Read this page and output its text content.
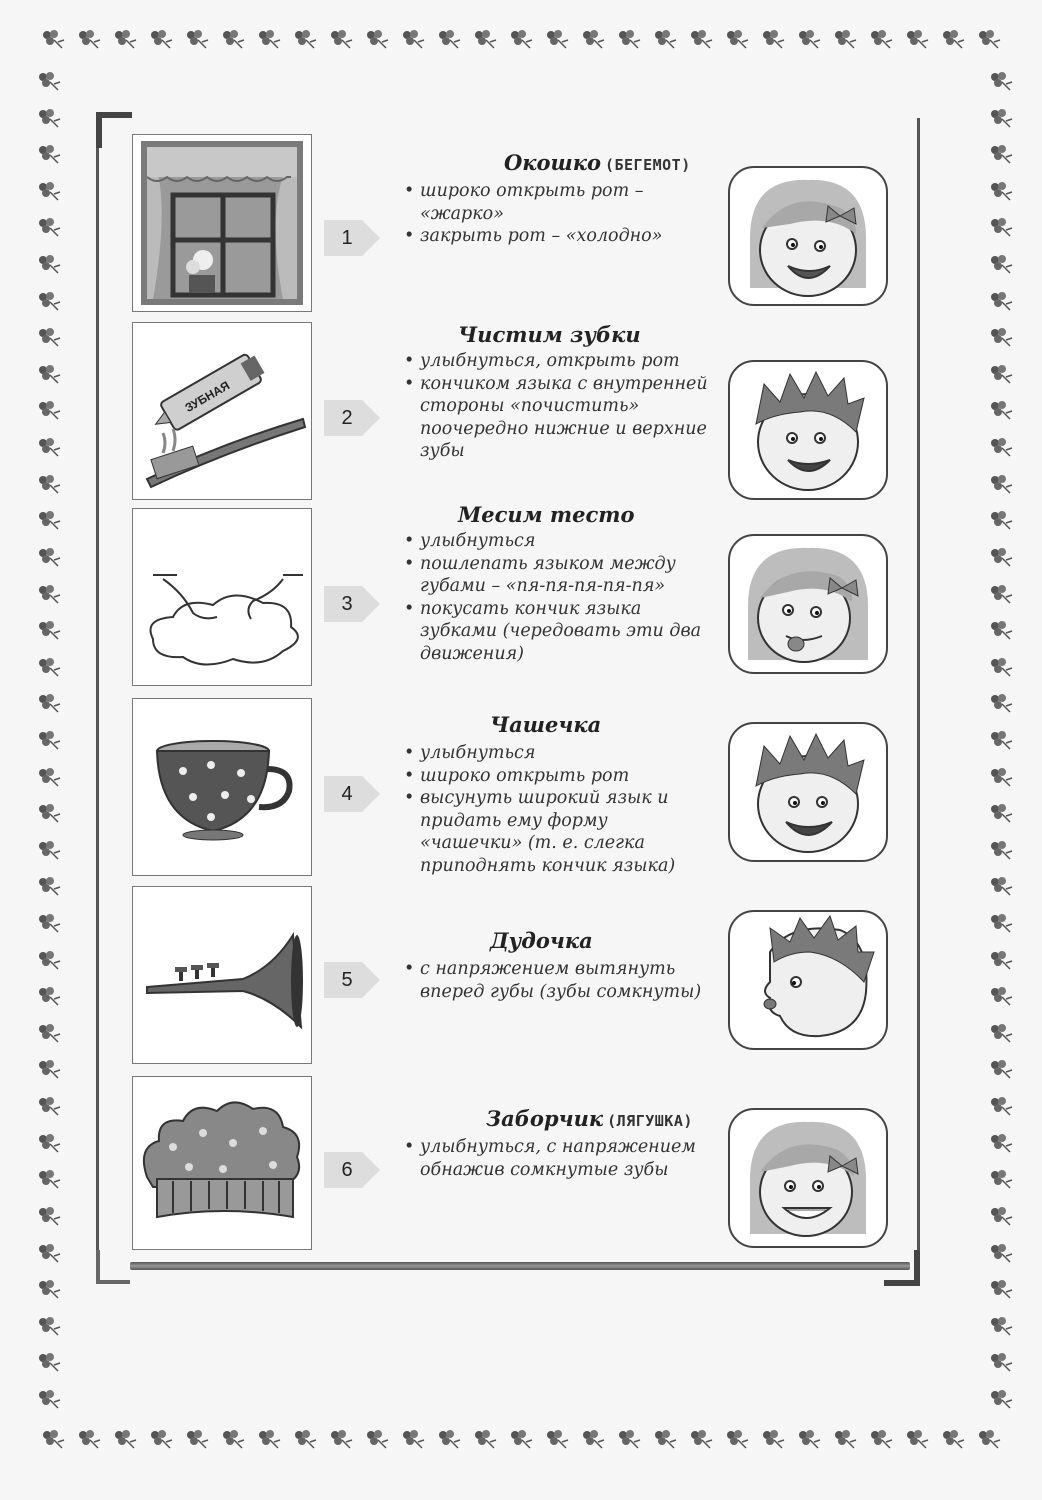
1
Окошко (БЕГЕМОТ)
• широко открыть рот – «жарко»
• закрыть рот – «холодно»
ЗУБНАЯ
2
Чистим зубки
• улыбнуться, открыть рот
• кончиком языка с внутренней стороны «почистить» поочередно нижние и верхние зубы
3
Месим тесто
• улыбнуться
• пошлепать языком между губами – «пя-пя-пя-пя-пя»
• покусать кончик языка зубками (чередовать эти два движения)
4
Чашечка
• улыбнуться
• широко открыть рот
• высунуть широкий язык и придать ему форму «чашечки» (т. е. слегка приподнять кончик языка)
5
Дудочка
• с напряжением вытянуть вперед губы (зубы сомкнуты)
6
Заборчик (ЛЯГУШКА)
• улыбнуться, с напряжением обнажив сомкнутые зубы
